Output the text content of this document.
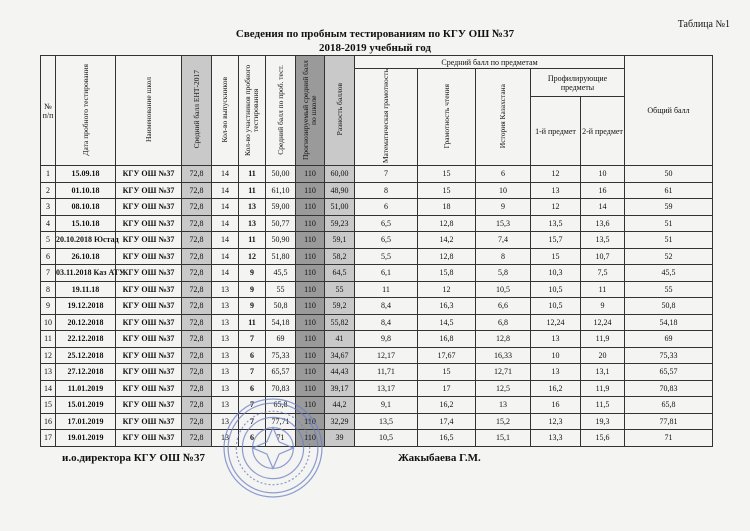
Таблица №1
Сведения по пробным тестированиям по КГУ ОШ №37
2018-2019 учебный год
№ п/п	Дата пробного тестирования	Наименование школ	Средний балл ЕНТ-2017	Кол-во выпускников	Кол-во участников пробного тестирования	Средний балл по проб. тест.	Прогнозируемый средний балл по школе	Разность баллов	Средний балл по предметам					Общий балл
									Математическая грамотность	Грамотность чтения	История Казахстана	Профилирующие предметы		
												1-й предмет	2-й предмет	
1	15.09.18	КГУ ОШ №37	72,8	14	11	50,00	110	60,00	7	15	6	12	10	50
2	01.10.18	КГУ ОШ №37	72,8	14	11	61,10	110	48,90	8	15	10	13	16	61
3	08.10.18	КГУ ОШ №37	72,8	14	13	59,00	110	51,00	6	18	9	12	14	59
4	15.10.18	КГУ ОШ №37	72,8	14	13	50,77	110	59,23	6,5	12,8	15,3	13,5	13,6	51
5	20.10.2018 Юстад	КГУ ОШ №37	72,8	14	11	50,90	110	59,1	6,5	14,2	7,4	15,7	13,5	51
6	26.10.18	КГУ ОШ №37	72,8	14	12	51,80	110	58,2	5,5	12,8	8	15	10,7	52
7	03.11.2018 Каз АТУ	КГУ ОШ №37	72,8	14	9	45,5	110	64,5	6,1	15,8	5,8	10,3	7,5	45,5
8	19.11.18	КГУ ОШ №37	72,8	13	9	55	110	55	11	12	10,5	10,5	11	55
9	19.12.2018	КГУ ОШ №37	72,8	13	9	50,8	110	59,2	8,4	16,3	6,6	10,5	9	50,8
10	20.12.2018	КГУ ОШ №37	72,8	13	11	54,18	110	55,82	8,4	14,5	6,8	12,24	12,24	54,18
11	22.12.2018	КГУ ОШ №37	72,8	13	7	69	110	41	9,8	16,8	12,8	13	11,9	69
12	25.12.2018	КГУ ОШ №37	72,8	13	6	75,33	110	34,67	12,17	17,67	16,33	10	20	75,33
13	27.12.2018	КГУ ОШ №37	72,8	13	7	65,57	110	44,43	11,71	15	12,71	13	13,1	65,57
14	11.01.2019	КГУ ОШ №37	72,8	13	6	70,83	110	39,17	13,17	17	12,5	16,2	11,9	70,83
15	15.01.2019	КГУ ОШ №37	72,8	13	7	65,8	110	44,2	9,1	16,2	13	16	11,5	65,8
16	17.01.2019	КГУ ОШ №37	72,8	13	7	77,71	110	32,29	13,5	17,4	15,2	12,3	19,3	77,81
17	19.01.2019	КГУ ОШ №37	72,8	13	6	71	110	39	10,5	16,5	15,1	13,3	15,6	71
и.о.директора КГУ ОШ №37	Жакыбаева Г.М.
